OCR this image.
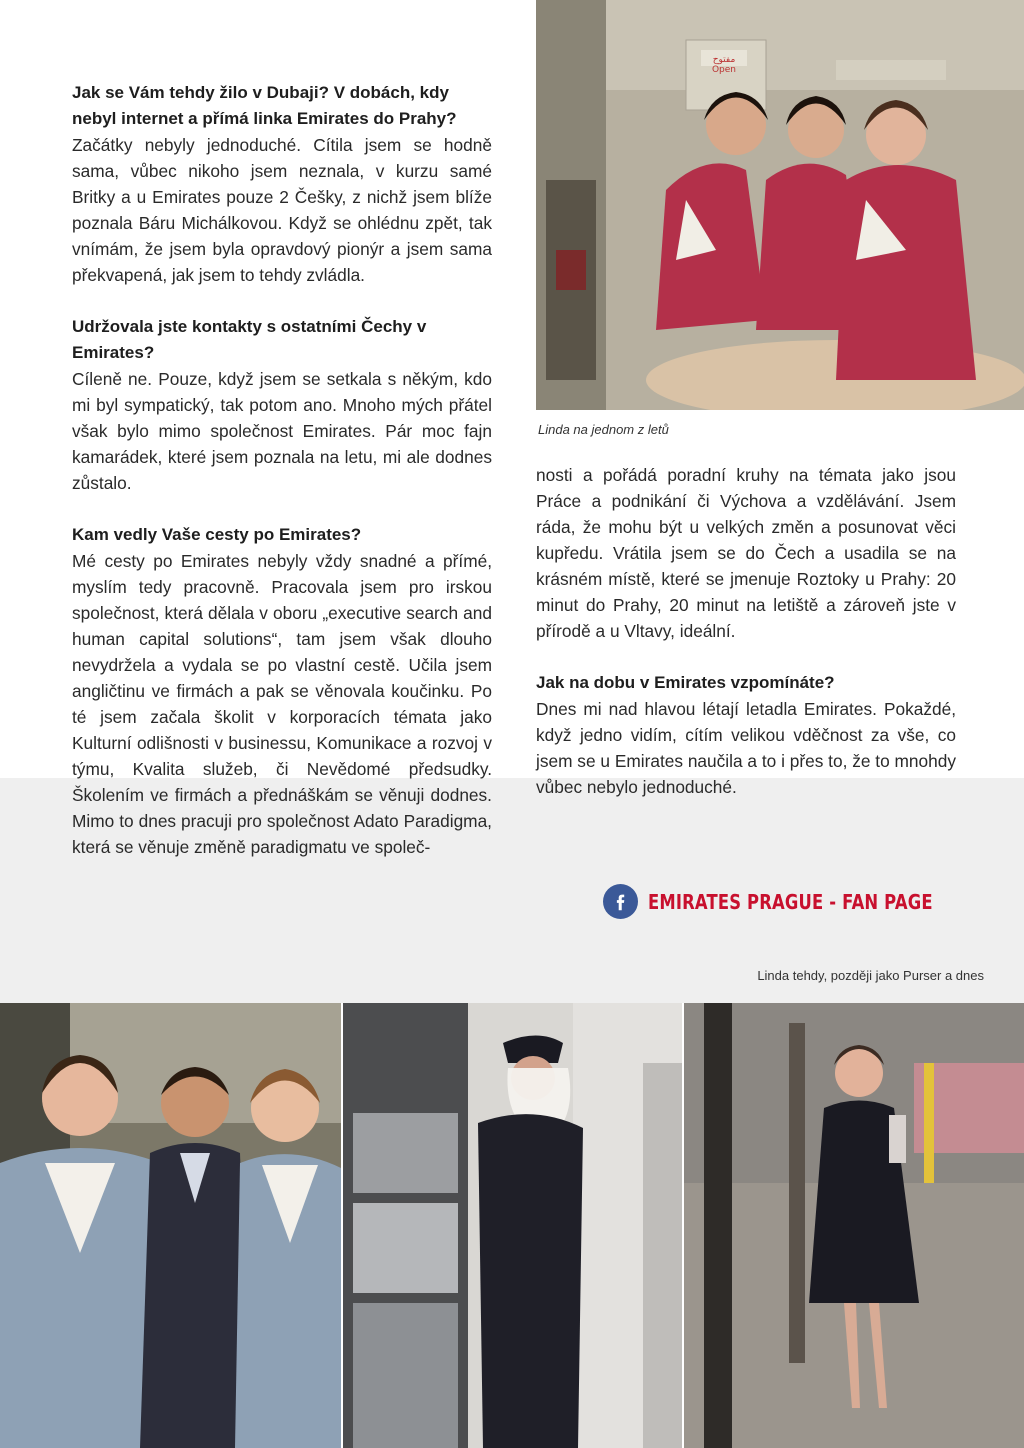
Jak se Vám tehdy žilo v Dubaji? V dobách, kdy nebyl internet a přímá linka Emirates do Prahy?

Začátky nebyly jednoduché. Cítila jsem se hodně sama, vůbec nikoho jsem neznala, v kurzu samé Britky a u Emirates pouze 2 Češky, z nichž jsem blíže poznala Báru Michálkovou. Když se ohlédnu zpět, tak vnímám, že jsem byla opravdový pionýr a jsem sama překvapená, jak jsem to tehdy zvládla.

Udržovala jste kontakty s ostatními Čechy v Emirates?

Cíleně ne. Pouze, když jsem se setkala s někým, kdo mi byl sympatický, tak potom ano. Mnoho mých přátel však bylo mimo společnost Emirates. Pár moc fajn kamarádek, které jsem poznala na letu, mi ale dodnes zůstalo.

Kam vedly Vaše cesty po Emirates?

Mé cesty po Emirates nebyly vždy snadné a přímé, myslím tedy pracovně. Pracovala jsem pro irskou společnost, která dělala v oboru „executive search and human capital solutions“, tam jsem však dlouho nevydržela a vydala se po vlastní cestě. Učila jsem angličtinu ve firmách a pak se věnovala koučinku. Po té jsem začala školit v korporacích témata jako Kulturní odlišnosti v businessu, Komunikace a rozvoj v týmu, Kvalita služeb, či Nevědomé předsudky. Školením ve firmách a přednáškám se věnuji dodnes. Mimo to dnes pracuji pro společnost Adato Paradigma, která se věnuje změně paradigmatu ve společ-

مفتوح
Open
Linda na jednom z letů

nosti a pořádá poradní kruhy na témata jako jsou Práce a podnikání či Výchova a vzdělávání. Jsem ráda, že mohu být u velkých změn a posunovat věci kupředu. Vrátila jsem se do Čech a usadila se na krásném místě, které se jmenuje Roztoky u Prahy: 20 minut do Prahy, 20 minut na letiště a zároveň jste v přírodě a u Vltavy, ideální.

Jak na dobu v Emirates vzpomínáte?

Dnes mi nad hlavou létají letadla Emirates. Pokaždé, když jedno vidím, cítím velikou vděčnost za vše, co jsem se u Emirates naučila a to i přes to, že to mnohdy vůbec nebylo jednoduché.

EMIRATES PRAGUE - FAN PAGE
Linda tehdy, později jako Purser a dnes
